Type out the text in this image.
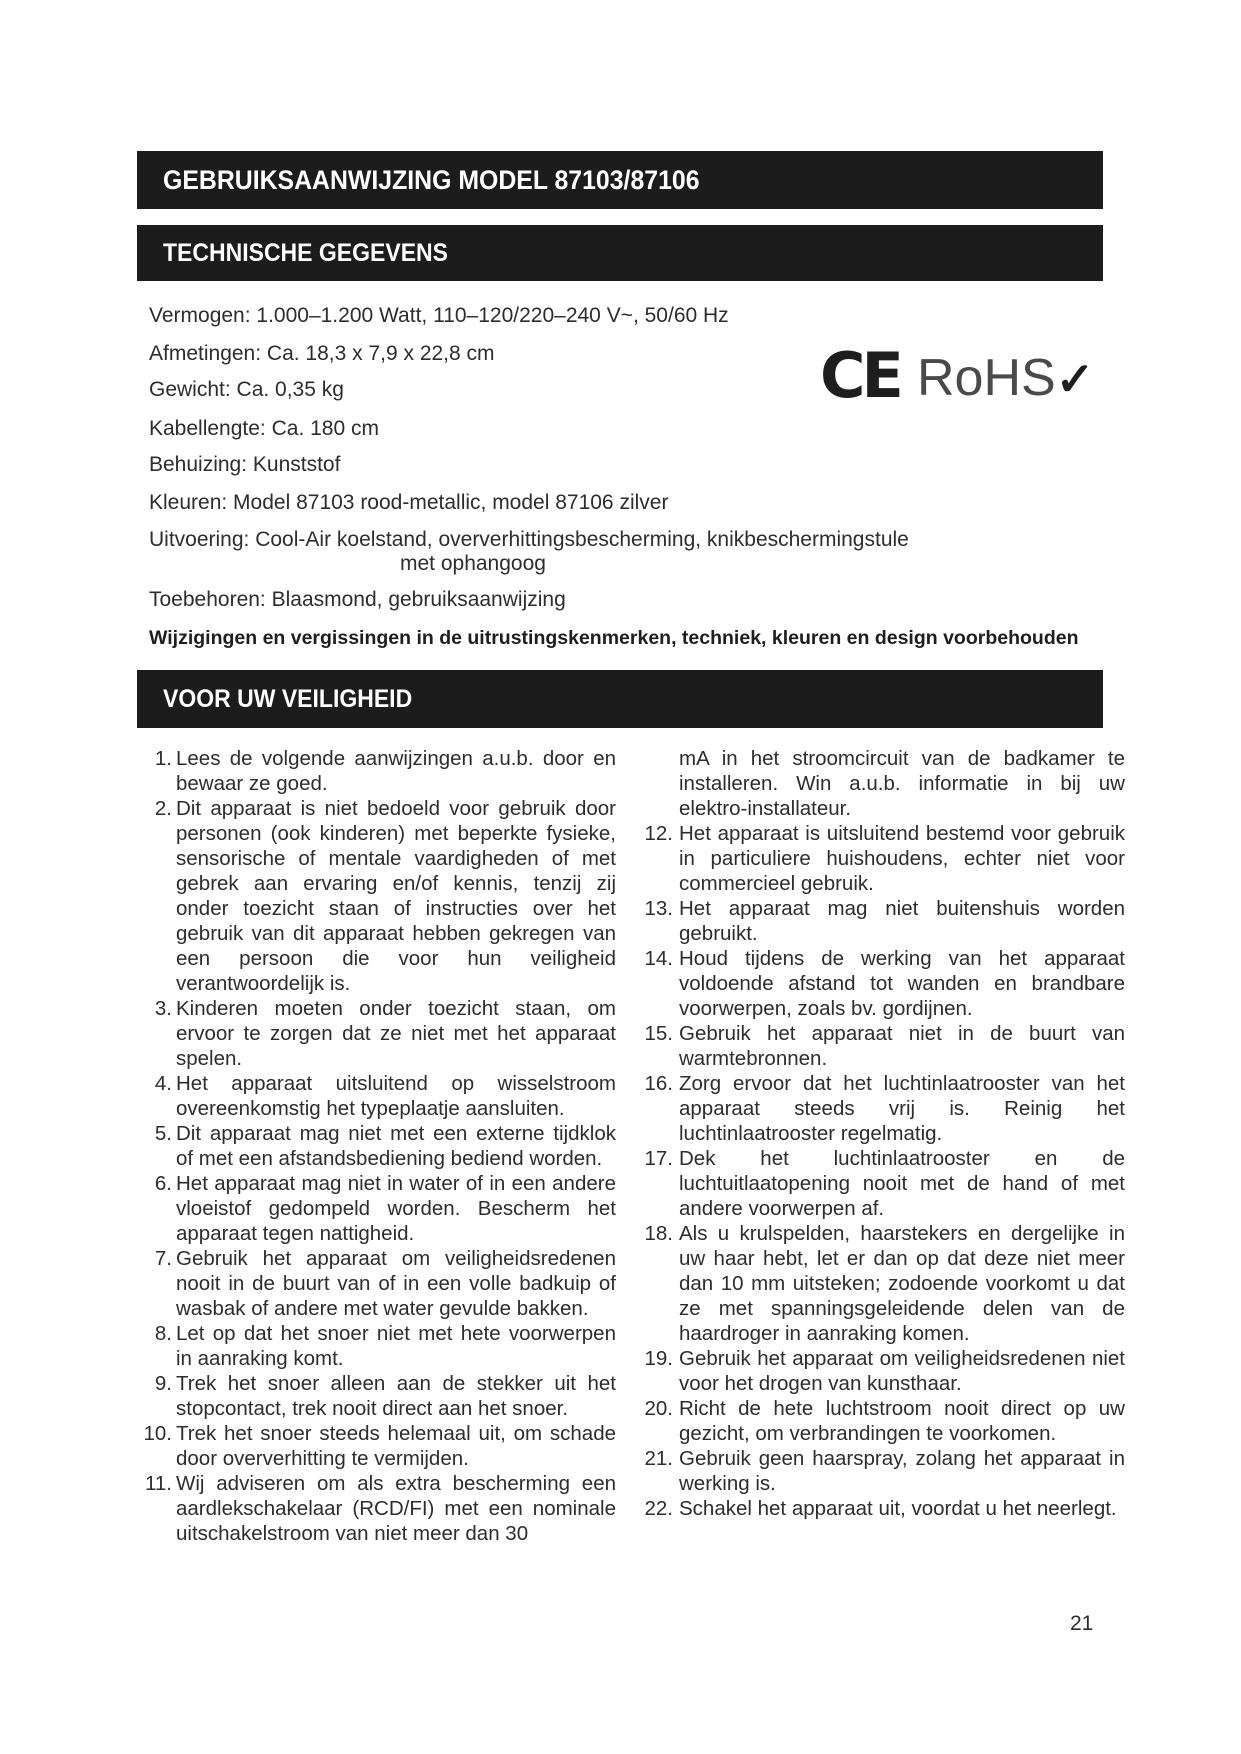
GEBRUIKSAANWIJZING MODEL 87103/87106
TECHNISCHE GEGEVENS
Vermogen: 1.000–1.200 Watt, 110–120/220–240 V~, 50/60 Hz
Afmetingen: Ca. 18,3 x 7,9 x 22,8 cm
Gewicht: Ca. 0,35 kg
Kabellengte: Ca. 180 cm
Behuizing: Kunststof
Kleuren: Model 87103 rood-metallic, model 87106 zilver
Uitvoering: Cool-Air koelstand, oververhittingsbescherming, knikbeschermingstule
met ophangoog
Toebehoren: Blaasmond, gebruiksaanwijzing
CE RoHS✓
Wijzigingen en vergissingen in de uitrustingskenmerken, techniek, kleuren en design voorbehouden
VOOR UW VEILIGHEID
1. Lees de volgende aanwijzingen a.u.b. door en bewaar ze goed.
2. Dit apparaat is niet bedoeld voor gebruik door personen (ook kinderen) met beperkte fysieke, sensorische of mentale vaardigheden of met gebrek aan ervaring en/of kennis, tenzij zij onder toezicht staan of instructies over het gebruik van dit apparaat hebben gekregen van een persoon die voor hun veiligheid verantwoordelijk is.
3. Kinderen moeten onder toezicht staan, om ervoor te zorgen dat ze niet met het apparaat spelen.
4. Het apparaat uitsluitend op wisselstroom overeenkomstig het typeplaatje aansluiten.
5. Dit apparaat mag niet met een externe tijdklok of met een afstandsbediening bediend worden.
6. Het apparaat mag niet in water of in een andere vloeistof gedompeld worden. Bescherm het apparaat tegen nattigheid.
7. Gebruik het apparaat om veiligheidsredenen nooit in de buurt van of in een volle badkuip of wasbak of andere met water gevulde bakken.
8. Let op dat het snoer niet met hete voorwerpen in aanraking komt.
9. Trek het snoer alleen aan de stekker uit het stopcontact, trek nooit direct aan het snoer.
10. Trek het snoer steeds helemaal uit, om schade door oververhitting te vermijden.
11. Wij adviseren om als extra bescherming een aardlekschakelaar (RCD/FI) met een nominale uitschakelstroom van niet meer dan 30
mA in het stroomcircuit van de badkamer te installeren. Win a.u.b. informatie in bij uw elektro-installateur.
12. Het apparaat is uitsluitend bestemd voor gebruik in particuliere huishoudens, echter niet voor commercieel gebruik.
13. Het apparaat mag niet buitenshuis worden gebruikt.
14. Houd tijdens de werking van het apparaat voldoende afstand tot wanden en brandbare voorwerpen, zoals bv. gordijnen.
15. Gebruik het apparaat niet in de buurt van warmtebronnen.
16. Zorg ervoor dat het luchtinlaatrooster van het apparaat steeds vrij is. Reinig het luchtinlaatrooster regelmatig.
17. Dek het luchtinlaatrooster en de luchtuitlaatopening nooit met de hand of met andere voorwerpen af.
18. Als u krulspelden, haarstekers en dergelijke in uw haar hebt, let er dan op dat deze niet meer dan 10 mm uitsteken; zodoende voorkomt u dat ze met spanningsgeleidende delen van de haardroger in aanraking komen.
19. Gebruik het apparaat om veiligheidsredenen niet voor het drogen van kunsthaar.
20. Richt de hete luchtstroom nooit direct op uw gezicht, om verbrandingen te voorkomen.
21. Gebruik geen haarspray, zolang het apparaat in werking is.
22. Schakel het apparaat uit, voordat u het neerlegt.
21
